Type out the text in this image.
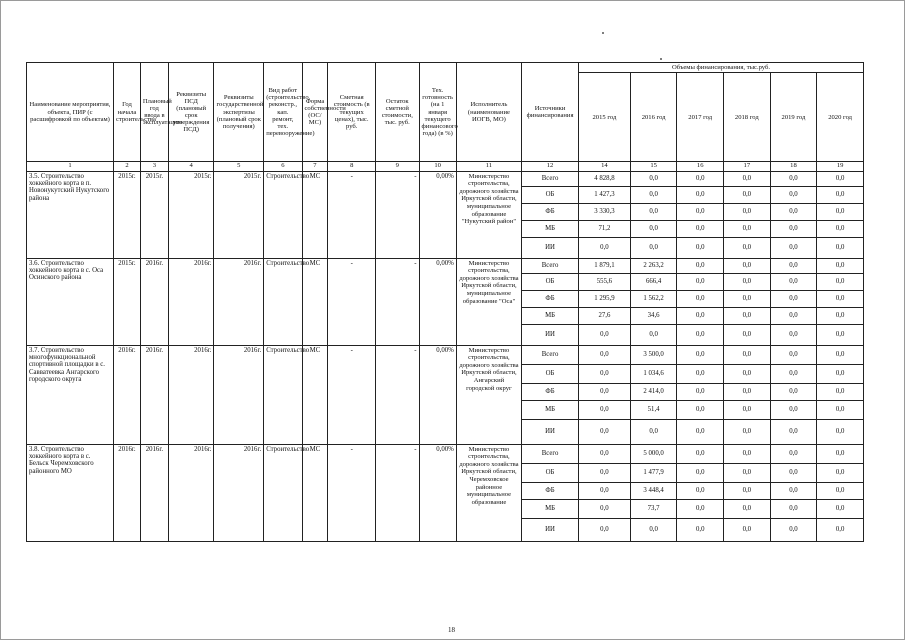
Наименование мероприятия, объекта, ПИР (с расшифровкой по объектам)	Год начала строительства	Плановый год ввода в эксплуатацию	Реквизиты ПСД (плановый срок утверждения ПСД)	Реквизиты государственной экспертизы (плановый срок получения)	Вид работ (строительство, реконстр., кап. ремонт, тех. перевооружение)	Форма собственности (ОС/МС)	Сметная стоимость (в текущих ценах), тыс. руб.	Остаток сметной стоимости, тыс. руб.	Тех. готовность (на 1 января текущего финансового года) (в %)	Исполнитель (наименование ИОГВ, МО)	Источники финансирования	Объемы финансирования, тыс.руб.					
												2015 год	2016 год	2017 год	2018 год	2019 год	2020 год
1	2	3	4	5	6	7	8	9	10	11	12	14	15	16	17	18	19
3.5. Строительство хоккейного корта в п. Новонукутский Нукутского района	2015г.	2015г.	2015г.	2015г.	Строительство	МС	-	-	0,00%	Министерство строительства, дорожного хозяйства Иркутской области, муниципальное образование "Нукутский район"	Всего	4 828,8	0,0	0,0	0,0	0,0	0,0
											ОБ	1 427,3	0,0	0,0	0,0	0,0	0,0
											ФБ	3 330,3	0,0	0,0	0,0	0,0	0,0
											МБ	71,2	0,0	0,0	0,0	0,0	0,0
											ИИ	0,0	0,0	0,0	0,0	0,0	0,0
3.6. Строительство хоккейного корта в с. Оса Осинского района	2015г.	2016г.	2016г.	2016г.	Строительство	МС	-	-	0,00%	Министерство строительства, дорожного хозяйства Иркутской области, муниципальное образование "Оса"	Всего	1 879,1	2 263,2	0,0	0,0	0,0	0,0
											ОБ	555,6	666,4	0,0	0,0	0,0	0,0
											ФБ	1 295,9	1 562,2	0,0	0,0	0,0	0,0
											МБ	27,6	34,6	0,0	0,0	0,0	0,0
											ИИ	0,0	0,0	0,0	0,0	0,0	0,0
3.7. Строительство многофункциональной спортивной площадки в с. Савватеевка Ангарского городского округа	2016г.	2016г.	2016г.	2016г.	Строительство	МС	-	-	0,00%	Министерство строительства, дорожного хозяйства Иркутской области, Ангарский городской округ	Всего	0,0	3 500,0	0,0	0,0	0,0	0,0
											ОБ	0,0	1 034,6	0,0	0,0	0,0	0,0
											ФБ	0,0	2 414,0	0,0	0,0	0,0	0,0
											МБ	0,0	51,4	0,0	0,0	0,0	0,0
											ИИ	0,0	0,0	0,0	0,0	0,0	0,0
3.8. Строительство хоккейного корта в с. Бельск Черемховского районного МО	2016г.	2016г.	2016г.	2016г.	Строительство	МС	-	-	0,00%	Министерство строительства, дорожного хозяйства Иркутской области, Черемховское районное муниципальное образование	Всего	0,0	5 000,0	0,0	0,0	0,0	0,0
											ОБ	0,0	1 477,9	0,0	0,0	0,0	0,0
											ФБ	0,0	3 448,4	0,0	0,0	0,0	0,0
											МБ	0,0	73,7	0,0	0,0	0,0	0,0
											ИИ	0,0	0,0	0,0	0,0	0,0	0,0
18
